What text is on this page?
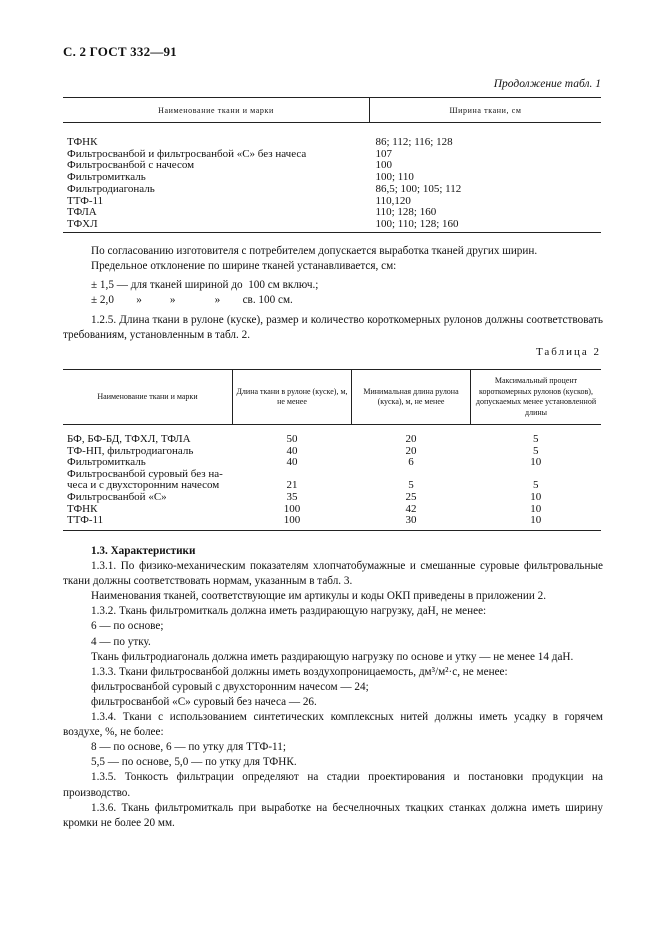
С. 2 ГОСТ 332—91
Продолжение табл. 1
Наименование ткани и марки	Ширина ткани, см
ТФНК	86; 112; 116; 128
Фильтросванбой и фильтросванбой «С» без начеса	107
Фильтросванбой с начесом	100
Фильтромиткаль	100; 110
Фильтродиагональ	86,5; 100; 105; 112
ТТФ-11	110,120
ТФЛА	110; 128; 160
ТФХЛ	100; 110; 128; 160

По согласованию изготовителя с потребителем допускается выработка тканей других ширин.

Предельное отклонение по ширине тканей устанавливается, см:

± 1,5 — для тканей шириной до  100 см включ.;

± 2,0        »          »              »        св. 100 см.

1.2.5. Длина ткани в рулоне (куске), размер и количество короткомерных рулонов должны соответствовать требованиям, установленным в табл. 2.

Таблица 2
Наименование ткани и марки	Длина ткани в рулоне (куске), м, не менее	Минимальная длина рулона (куска), м, не менее	Максимальный процент короткомерных рулонов (кусков), допускаемых менее установленной длины
БФ, БФ-БД, ТФХЛ, ТФЛА	50	20	5
ТФ-НП, фильтродиагональ	40	20	5
Фильтромиткаль	40	6	10
Фильтросванбой суровый без на-
чеса и с двухсторонним начесом	21	5	5
Фильтросванбой «С»	35	25	10
ТФНК	100	42	10
ТТФ-11	100	30	10

1.3. Характеристики

1.3.1. По физико-механическим показателям хлопчатобумажные и смешанные суровые фильтровальные ткани должны соответствовать нормам, указанным в табл. 3.

Наименования тканей, соответствующие им артикулы и коды ОКП приведены в приложении 2.

1.3.2. Ткань фильтромиткаль должна иметь раздирающую нагрузку, даН, не менее:

6 — по основе;

4 — по утку.

Ткань фильтродиагональ должна иметь раздирающую нагрузку по основе и утку — не менее 14 даН.

1.3.3. Ткани фильтросванбой должны иметь воздухопроницаемость, дм³/м²·с, не менее:

фильтросванбой суровый с двухсторонним начесом — 24;

фильтросванбой «С» суровый без начеса — 26.

1.3.4. Ткани с использованием синтетических комплексных нитей должны иметь усадку в горячем воздухе, %, не более:

8 — по основе, 6 — по утку для ТТФ-11;

5,5 — по основе, 5,0 — по утку для ТФНК.

1.3.5. Тонкость фильтрации определяют на стадии проектирования и постановки продукции на производство.

1.3.6. Ткань фильтромиткаль при выработке на бесчелночных ткацких станках должна иметь ширину кромки не более 20 мм.
